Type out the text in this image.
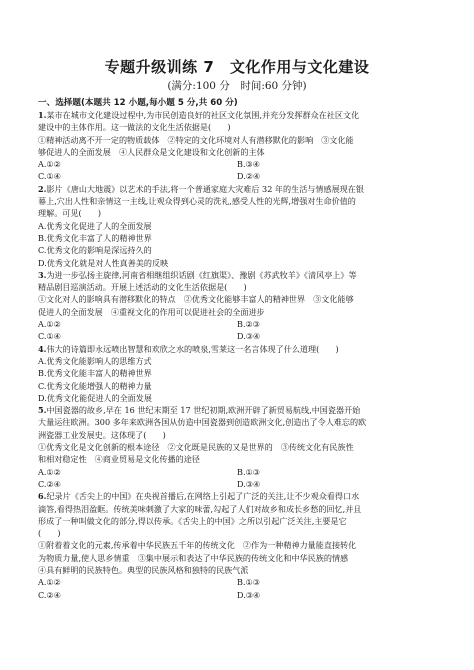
专题升级训练 7　文化作用与文化建设
(满分:100 分　时间:60 分钟)
一、选择题(本题共 12 小题,每小题 5 分,共 60 分)

1.某市在城市文化建设过程中,为市民创造良好的社区文化氛围,并充分发挥群众在社区文化

建设中的主体作用。这一做法的文化生活依据是(　　)

①精神活动离不开一定的物质载体　②特定的文化环境对人有潜移默化的影响　③文化能

够促进人的全面发展　④人民群众是文化建设和文化创新的主体

A.①②	B.③④
C.①④	D.②④

2.影片《唐山大地震》以艺术的手法,将一个普通家庭大灾难后 32 年的生活与情感展现在银

幕上,穴出人性和亲情这一主线,让观众得到心灵的洗礼,感受人性的光辉,增强对生命价值的

理解。可见(　　)

A.优秀文化促进了人的全面发展

B.优秀文化丰富了人的精神世界

C.优秀文化的影响是深远持久的

D.优秀文化就是对人性真善美的反映

3.为进一步弘扬主旋律,河南省相继组织话剧《红旗渠》、豫剧《苏武牧羊》《清风亭上》等

精品剧目巡演活动。开展上述活动的文化生活依据是(　　)

①文化对人的影响具有潜移默化的特点　②优秀文化能够丰富人的精神世界　③文化能够

促进人的全面发展　④重视文化的作用可以促进社会的全面进步

A.①②	B.②③
C.①④	D.③④

4.伟大的诗篇即永远喷出智慧和欢欣之水的喷泉,雪莱这一名言体现了什么道理(　　)

A.优秀文化能影响人的思维方式

B.优秀文化能丰富人的精神世界

C.优秀文化能增强人的精神力量

D.优秀文化能促进人的全面发展

5.中国瓷器的故乡,早在 16 世纪末期至 17 世纪初期,欧洲开辟了新贸易航线,中国瓷器开始

大量运往欧洲。300 多年来欧洲各国从仿造中国瓷器到创造欧洲文化,创造出了令人难忘的欧

洲瓷器工业发展史。这体现了(　　)

①优秀文化是文化创新的根本途径　②文化既是民族的又是世界的　③传统文化有民族性

和相对稳定性　④商业贸易是文化传播的途径

A.①②	B.①③
C.②④	D.③④

6.纪录片《舌尖上的中国》在央视首播后,在网络上引起了广泛的关注,让不少观众看得口水

滴答,看得热泪盈眶。传统美味刺激了大家的味蕾,勾起了人们对故乡和成长乡愁的回忆,并且

形成了一种叫做文化的部分,得以传承。《舌尖上的中国》之所以引起广泛关注,主要是它

(　　)

①附着着文化的元素,传承着中华民族五千年的传统文化　②作为一种精神力量能直接转化

为物质力量,使人思乡情重　③集中展示和表达了中华民族的传统文化和中华民族的情感

④具有鲜明的民族特色。典型的民族风格和独特的民族气派

A.①②	B.①③
C.②④	D.③④
